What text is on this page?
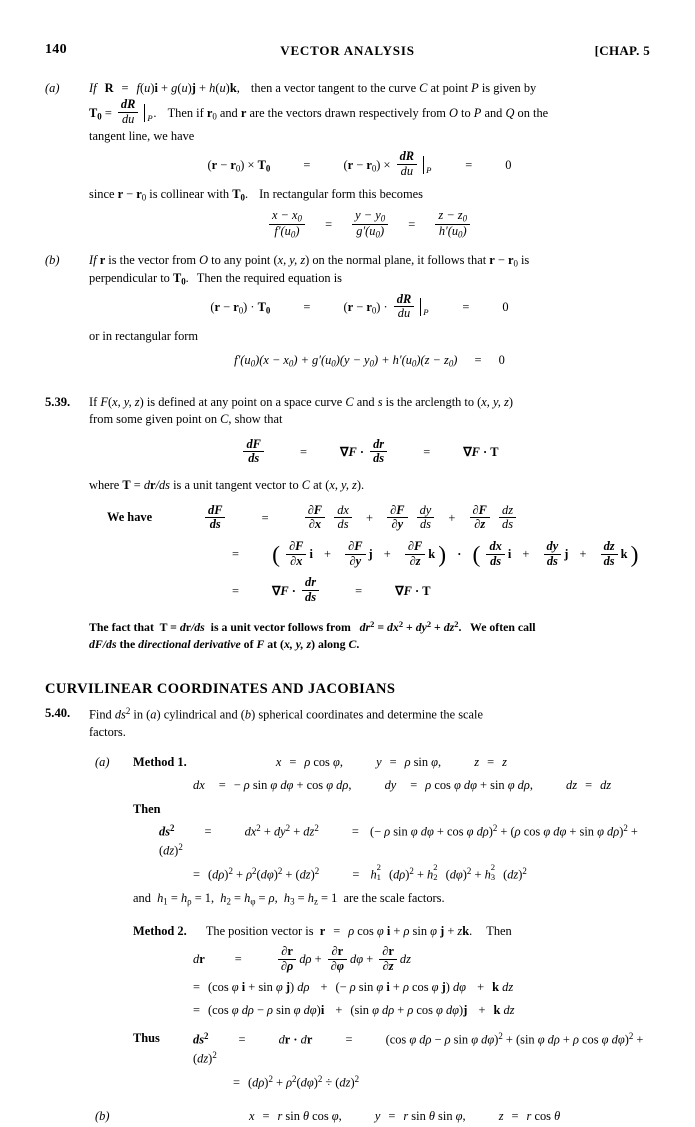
140	VECTOR ANALYSIS	[CHAP. 5
(a)	If R = f(u)i + g(u)j + h(u)k, then a vector tangent to the curve C at point P is given by
$T_0 = \frac{dR}{du}$ P . Then if $r_0$ and r are the vectors drawn respectively from O to P and Q on the
tangent line, we have
$(r - r_0) \times T_0$	= $(r - r_0) \times \frac{dR}{du}$ P	= 0
since $r - r_0$ is collinear with $T_0$. In rectangular form this becomes
$\frac{x - x_0}{f'(u_0)} = \frac{y - y_0}{g'(u_0)} = \frac{z - z_0}{h'(u_0)}$
(b)	If r is the vector from O to any point (x, y, z) on the normal plane, it follows that $r - r_0$ is
perpendicular to $T_0$. Then the required equation is
$(r - r_0) \cdot T_0$	= $(r - r_0) \cdot \frac{dR}{du}$ P	= 0
or in rectangular form
$f'(u_0)(x - x_0) + g'(u_0)(y - y_0) + h'(u_0)(z - z_0) = 0$
5.39. If F(x, y, z) is defined at any point on a space curve C and s is the arclength to (x, y, z)
from some given point on C, show that
$\frac{dF}{ds}$	=	$\nabla F \cdot \frac{dr}{ds}$	=	∇F · T
where T = dr/ds is a unit tangent vector to C at (x, y, z).
We have	$\frac{dF}{ds}$	=	$\frac{\partial F}{\partial x}$
$\frac{dx}{ds} + \frac{\partial F}{\partial y}$
$\frac{dy}{ds} + \frac{\partial F}{\partial z}$
$\frac{dz}{ds}$
= ( $\frac{\partial F}{\partial x}$ $i + \frac{\partial F}{\partial y}$ $j + \frac{\partial F}{\partial z}$ k ) · ( $\frac{dx}{ds}$ $i + \frac{dy}{ds}$ $j + \frac{dz}{ds}$ k )
=	$\nabla F \cdot \frac{dr}{ds}$	=	∇F · T
The fact that  T = dr/ds  is a unit vector follows from   $dr^2 = dx^2 + dy^2 + dz^2$.   We often call
dF/ds the directional derivative of F at (x, y, z) along C.
CURVILINEAR COORDINATES AND JACOBIANS
5.40. Find $ds^2$ in (a) cylindrical and (b) spherical coordinates and determine the scale
factors.
(a) Method 1.	x = ρ cos φ,	y = ρ sin φ,	z = z
dx = − ρ sin φ dφ + cos φ dρ,	dy = ρ cos φ dφ + sin φ dρ,	dz = dz
Then
$ds^2$ =	$dx^2 + dy^2 + dz^2$	= (− ρ sin φ dφ + cos φ dρ)$^2$ + (ρ cos φ dφ + sin φ dρ)$^2$ + (dz)$^2$
= $(d\rho)^2 + \rho^2(d\varphi)^2 + (dz)^2$	= h
2
1 $(d\rho)^2 + h$
2
2 $(d\varphi)^2 + h$
2
3 (dz)$^2$
and  $h_1 = h_\rho = 1$,  $h_2 = h_\varphi = \rho$,  $h_3 = h_z = 1$  are the scale factors.
Method 2. The position vector is  r = ρ cos φ i + ρ sin φ j + zk. Then
dr =	$\frac{\partial r}{\partial\rho}$ $d\rho + \frac{\partial r}{\partial\varphi}$ $d\varphi + \frac{\partial r}{\partial z}$ dz
= (cos φ i + sin φ j) dρ + (− ρ sin φ i + ρ cos φ j) dφ + k dz
= (cos φ dρ − ρ sin φ dφ)i + (sin φ dρ + ρ cos φ dφ)j + k dz
Thus	$ds^2$ =	dr · dr	= (cos φ dρ − ρ sin φ dφ)$^2$ + (sin φ dρ + ρ cos φ dφ)$^2$ + (dz)$^2$
= $(d\rho)^2 + \rho^2(d\varphi)^2 \div (dz)^2$
(b)	x = r sin θ cos φ,	y = r sin θ sin φ,	z = r cos θ
